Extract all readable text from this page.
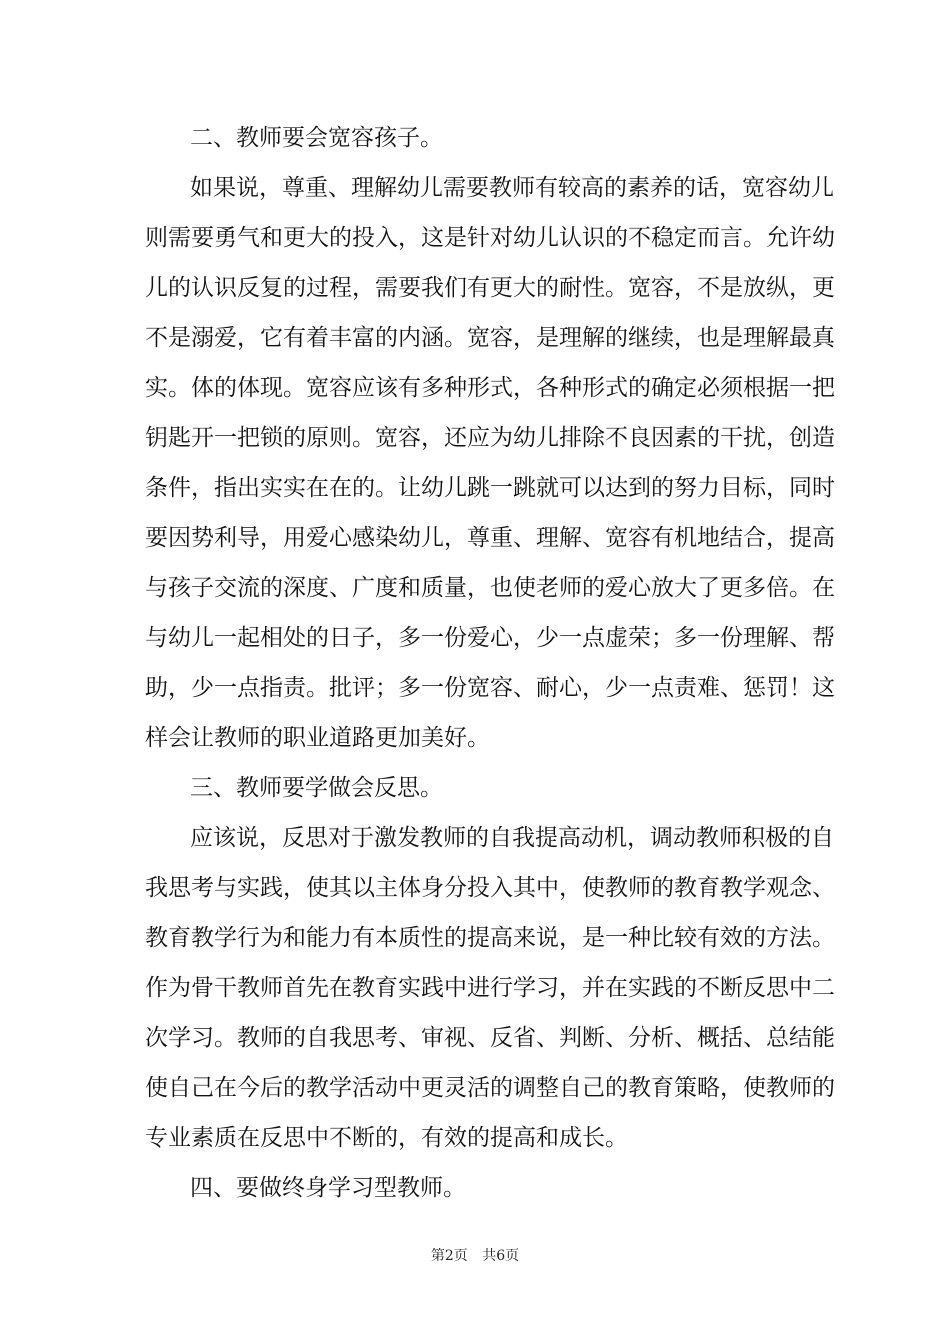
二、教师要会宽容孩子。
如果说，尊重、理解幼儿需要教师有较高的素养的话，宽容幼儿
则需要勇气和更大的投入，这是针对幼儿认识的不稳定而言。允许幼
儿的认识反复的过程，需要我们有更大的耐性。宽容，不是放纵，更
不是溺爱，它有着丰富的内涵。宽容，是理解的继续，也是理解最真
实。体的体现。宽容应该有多种形式，各种形式的确定必须根据一把
钥匙开一把锁的原则。宽容，还应为幼儿排除不良因素的干扰，创造
条件，指出实实在在的。让幼儿跳一跳就可以达到的努力目标，同时
要因势利导，用爱心感染幼儿，尊重、理解、宽容有机地结合，提高
与孩子交流的深度、广度和质量，也使老师的爱心放大了更多倍。在
与幼儿一起相处的日子，多一份爱心，少一点虚荣；多一份理解、帮
助，少一点指责。批评；多一份宽容、耐心，少一点责难、惩罚！这
样会让教师的职业道路更加美好。
三、教师要学做会反思。
应该说，反思对于激发教师的自我提高动机，调动教师积极的自
我思考与实践，使其以主体身分投入其中，使教师的教育教学观念、
教育教学行为和能力有本质性的提高来说，是一种比较有效的方法。
作为骨干教师首先在教育实践中进行学习，并在实践的不断反思中二
次学习。教师的自我思考、审视、反省、判断、分析、概括、总结能
使自己在今后的教学活动中更灵活的调整自己的教育策略，使教师的
专业素质在反思中不断的，有效的提高和成长。
四、要做终身学习型教师。
第2页 共6页
